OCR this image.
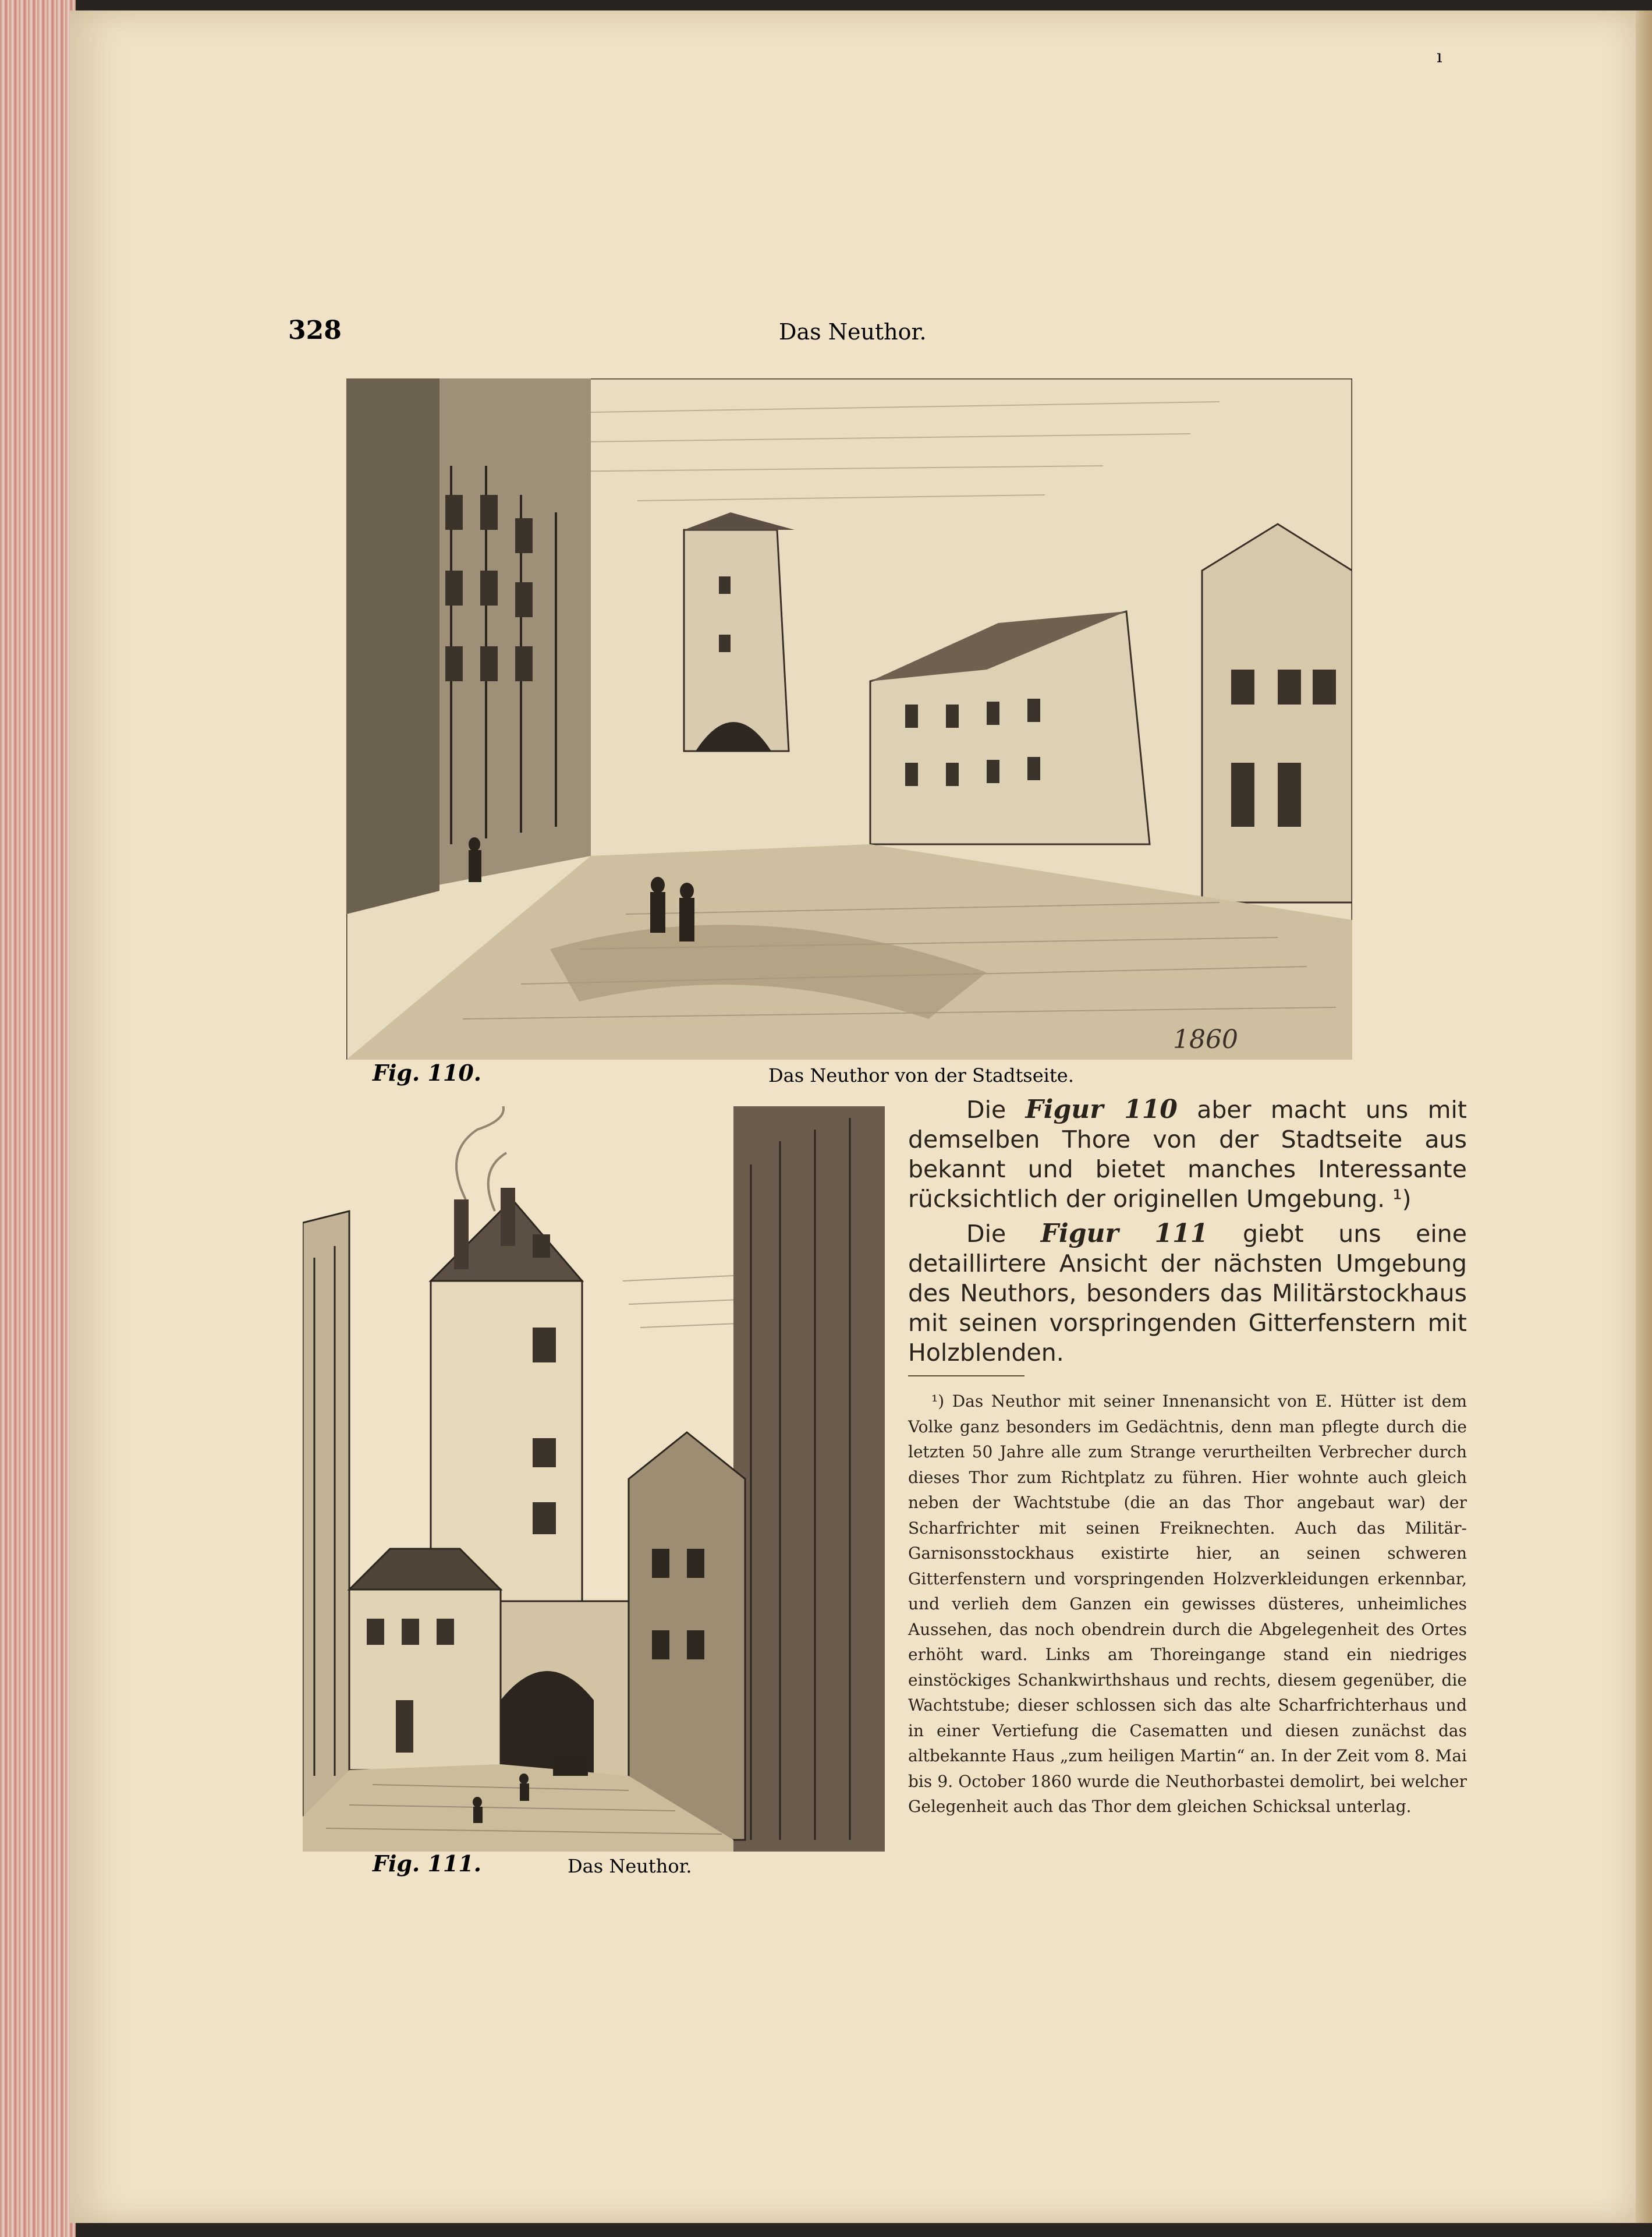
ı
328	Das Neuthor.
1860
Fig. 110.	Das Neuthor von der Stadtseite.
Fig. 111.	Das Neuthor.

Die Figur 110 aber macht uns mit demselben Thore von der Stadtseite aus bekannt und bietet manches Interessante rücksichtlich der originellen Umgebung. ¹)

Die Figur 111 giebt uns eine detaillirtere Ansicht der nächsten Umgebung des Neuthors, besonders das Militärstockhaus mit seinen vorspringenden Gitterfenstern mit Holzblenden.

¹) Das Neuthor mit seiner Innenansicht von E. Hütter ist dem Volke ganz besonders im Gedächtnis, denn man pflegte durch die letzten 50 Jahre alle zum Strange verurtheilten Verbrecher durch dieses Thor zum Richtplatz zu führen. Hier wohnte auch gleich neben der Wachtstube (die an das Thor angebaut war) der Scharfrichter mit seinen Freiknechten. Auch das Militär-Garnisonsstockhaus existirte hier, an seinen schweren Gitterfenstern und vorspringenden Holzverkleidungen erkennbar, und verlieh dem Ganzen ein gewisses düsteres, unheimliches Aussehen, das noch obendrein durch die Abgelegenheit des Ortes erhöht ward. Links am Thoreingange stand ein niedriges einstöckiges Schankwirthshaus und rechts, diesem gegenüber, die Wachtstube; dieser schlossen sich das alte Scharfrichterhaus und in einer Vertiefung die Casematten und diesen zunächst das altbekannte Haus „zum heiligen Martin“ an. In der Zeit vom 8. Mai bis 9. October 1860 wurde die Neuthorbastei demolirt, bei welcher Gelegenheit auch das Thor dem gleichen Schicksal unterlag.
